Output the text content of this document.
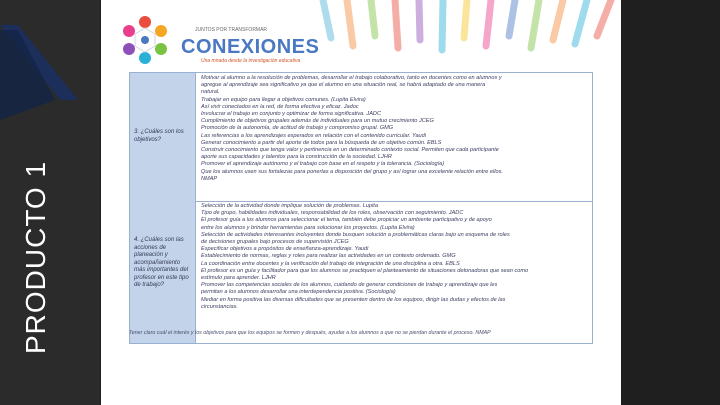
PRODUCTO 1
JUNTOS POR TRANSFORMAR
CONEXIONES
Una mirada desde la investigación educativa
3. ¿Cuáles son los objetivos?
Motivar al alumno a la resolución de problemas, desarrollar el trabajo colaborativo, tanto en docentes como en alumnos y
agregue al aprendizaje sea significativo ya que el alumno en una situación real, se habrá adaptado de una manera
natural.
Trabajar en equipo para llegar a objetivos comunes. (Lupita Elvira)
Así vivir conectados en la red, de forma efectiva y eficaz. Jadoc
Involucrar el trabajo en conjunto y optimizar de forma significativa. JADC
Cumplimiento de objetivos grupales además de individuales para un mutuo crecimiento JCEG
Promoción de la autonomía, de actitud de trabajo y compromiso grupal. GMG
Las referencias a los aprendizajes esperados en relación con el contenido curricular. Yaudi
Generar conocimiento a partir del aporte de todos para la búsqueda de un objetivo común. EBLS
Construir conocimiento que tenga valor y pertinencia en un determinado contexto social. Permiten que cada participante
aporte sus capacidades y talentos para la construcción de la sociedad. LJHR
Promover el aprendizaje autónomo y el trabajo con base en el respeto y la tolerancia. (Sociología)
Que los alumnos usen sus fortalezas para ponerlas a disposición del grupo y así lograr una excelente relación entre ellos.
NMAP
4. ¿Cuáles son las acciones de planeación y acompañamiento más importantes del profesor en este tipo de trabajo?
Selección de la actividad donde implique solución de problemas. Lupita
Tipo de grupo, habilidades individuales, responsabilidad de los roles, observación con seguimiento. JADC
El profesor guía a los alumnos para seleccionar el tema, también debe propiciar un ambiente participativo y de apoyo
entre los alumnos y brindar herramientas para solucionar los proyectos. (Lupita Elvira)
Selección de actividades interesantes incluyentes donde busquen solución a problemáticas claras bajo un esquema de roles
de decisiones grupales bajo procesos de supervisión JCEG
Especificar objetivos a propósitos de enseñanza-aprendizaje. Yaudi
Establecimiento de normas, reglas y roles para realizar las actividades en un contexto ordenado. GMG
La coordinación entre docentes y la verificación del trabajo de integración de una disciplina a otra. EBLS
El profesor es un guía y facilitador para que los alumnos se practiquen el planteamiento de situaciones detonadoras que sean como
estímulo para aprender. LJHR
Promover las competencias sociales de los alumnos, cuidando de generar condiciones de trabajo y aprendizaje que les
permitan a los alumnos desarrollar una interdependencia positiva. (Sociología)
Mediar en forma positiva las diversas dificultades que se presenten dentro de los equipos, dirigir las dudas y efectos de las
circunstancias.
Tener claro cuál el interés y los objetivos para que los equipos se formen y después, ayudar a los alumnos a que no se pierdan durante el proceso. NMAP
